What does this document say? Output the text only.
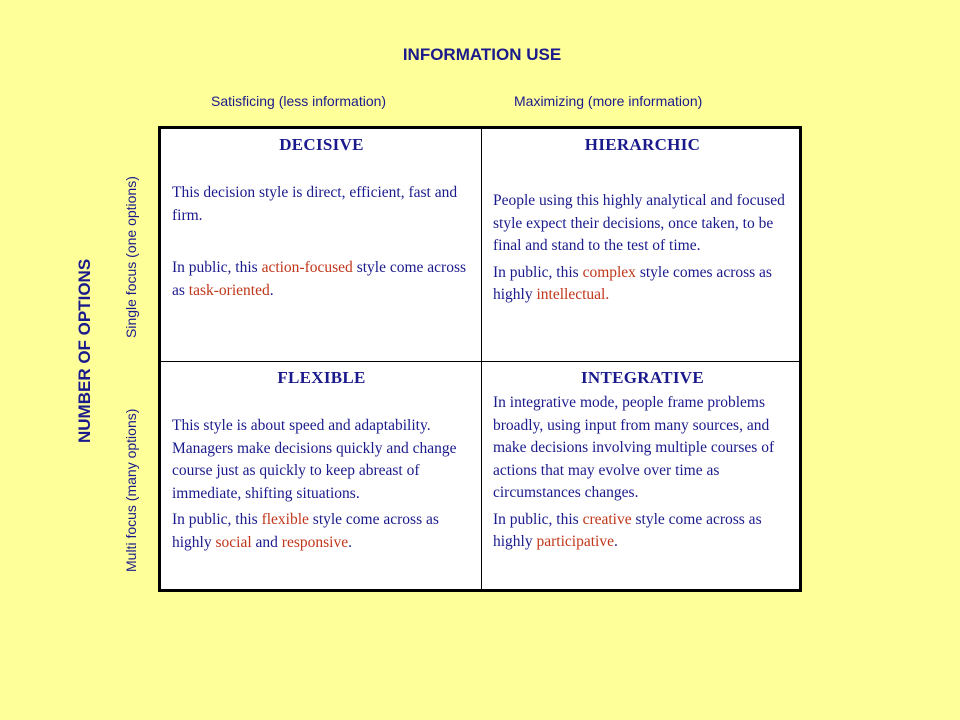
INFORMATION USE
Satisficing (less information)	Maximizing (more information)
NUMBER OF OPTIONS
Single focus (one options)
Multi focus (many options)
DECISIVE

This decision style is direct, efficient, fast and firm.

In public, this action-focused style come across as task-oriented.

HIERARCHIC

People using this highly analytical and focused style expect their decisions, once taken, to be final and stand to the test of time.

In public, this complex style comes across as highly intellectual.

FLEXIBLE

This style is about speed and adaptability. Managers make decisions quickly and change course just as quickly to keep abreast of immediate, shifting situations.

In public, this flexible style come across as highly social and responsive.

INTEGRATIVE

In integrative mode, people frame problems broadly, using input from many sources, and make decisions involving multiple courses of actions that may evolve over time as circumstances changes.

In public, this creative style come across as highly participative.
